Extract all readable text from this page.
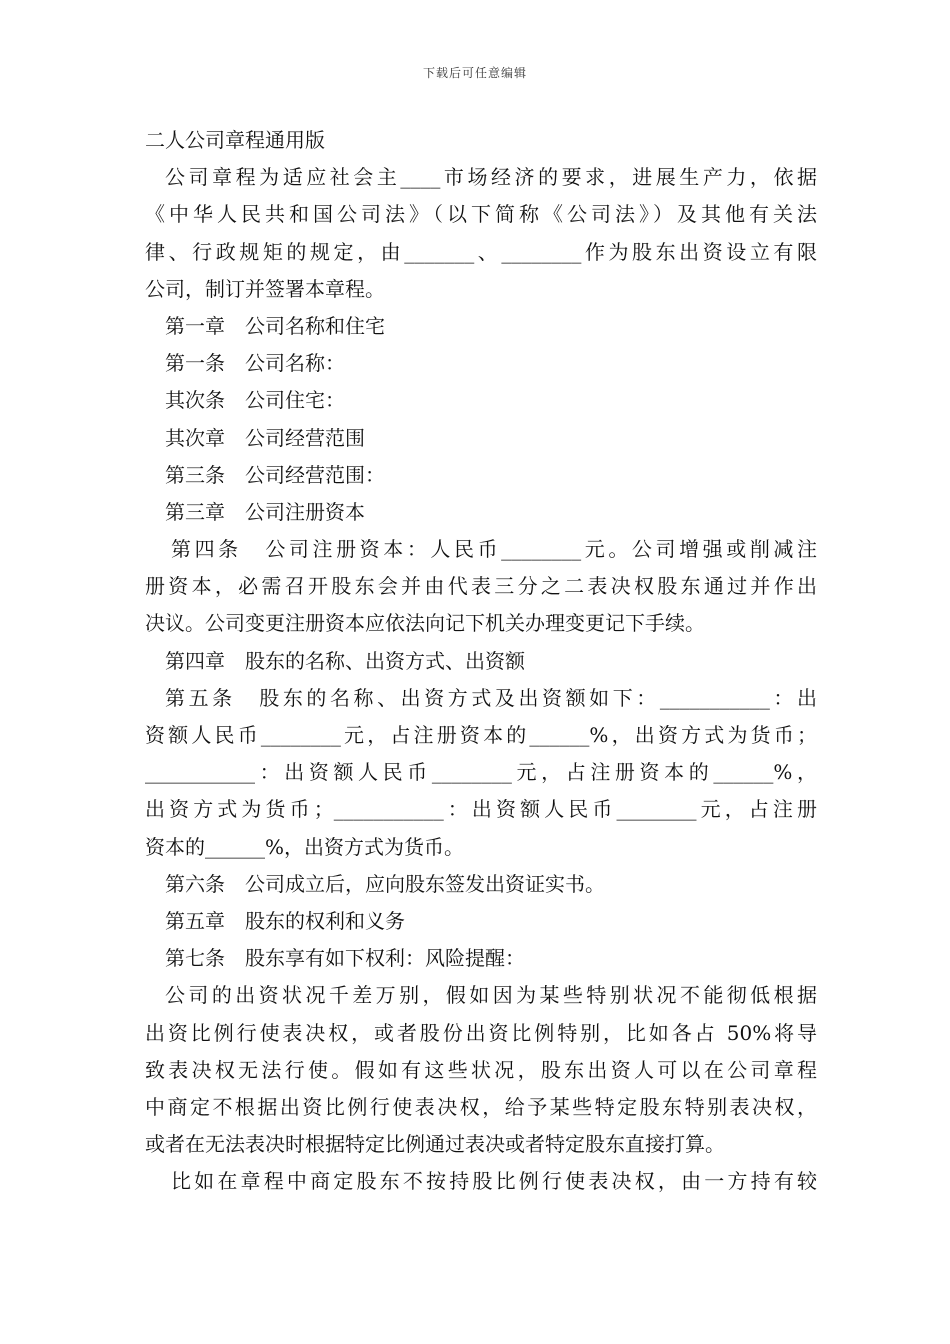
下载后可任意编辑
二人公司章程通用版
公司章程为适应社会主____市场经济的要求，进展生产力，依据
《中华人民共和国公司法》（以下简称《公司法》）及其他有关法
律、行政规矩的规定，由_______、________作为股东出资设立有限
公司，制订并签署本章程。
第一章　公司名称和住宅
第一条　公司名称：
其次条　公司住宅：
其次章　公司经营范围
第三条　公司经营范围：
第三章　公司注册资本
第四条　公司注册资本：人民币________元。公司增强或削减注
册资本，必需召开股东会并由代表三分之二表决权股东通过并作出
决议。公司变更注册资本应依法向记下机关办理变更记下手续。
第四章　股东的名称、出资方式、出资额
第五条　股东的名称、出资方式及出资额如下：___________：出
资额人民币________元，占注册资本的______%，出资方式为货币；
___________：出资额人民币________元，占注册资本的______%，
出资方式为货币；___________：出资额人民币________元，占注册
资本的______%，出资方式为货币。
第六条　公司成立后，应向股东签发出资证实书。
第五章　股东的权利和义务
第七条　股东享有如下权利：风险提醒：
公司的出资状况千差万别，假如因为某些特别状况不能彻低根据
出资比例行使表决权，或者股份出资比例特别，比如各占 50%将导
致表决权无法行使。假如有这些状况，股东出资人可以在公司章程
中商定不根据出资比例行使表决权，给予某些特定股东特别表决权，
或者在无法表决时根据特定比例通过表决或者特定股东直接打算。
比如在章程中商定股东不按持股比例行使表决权，由一方持有较
